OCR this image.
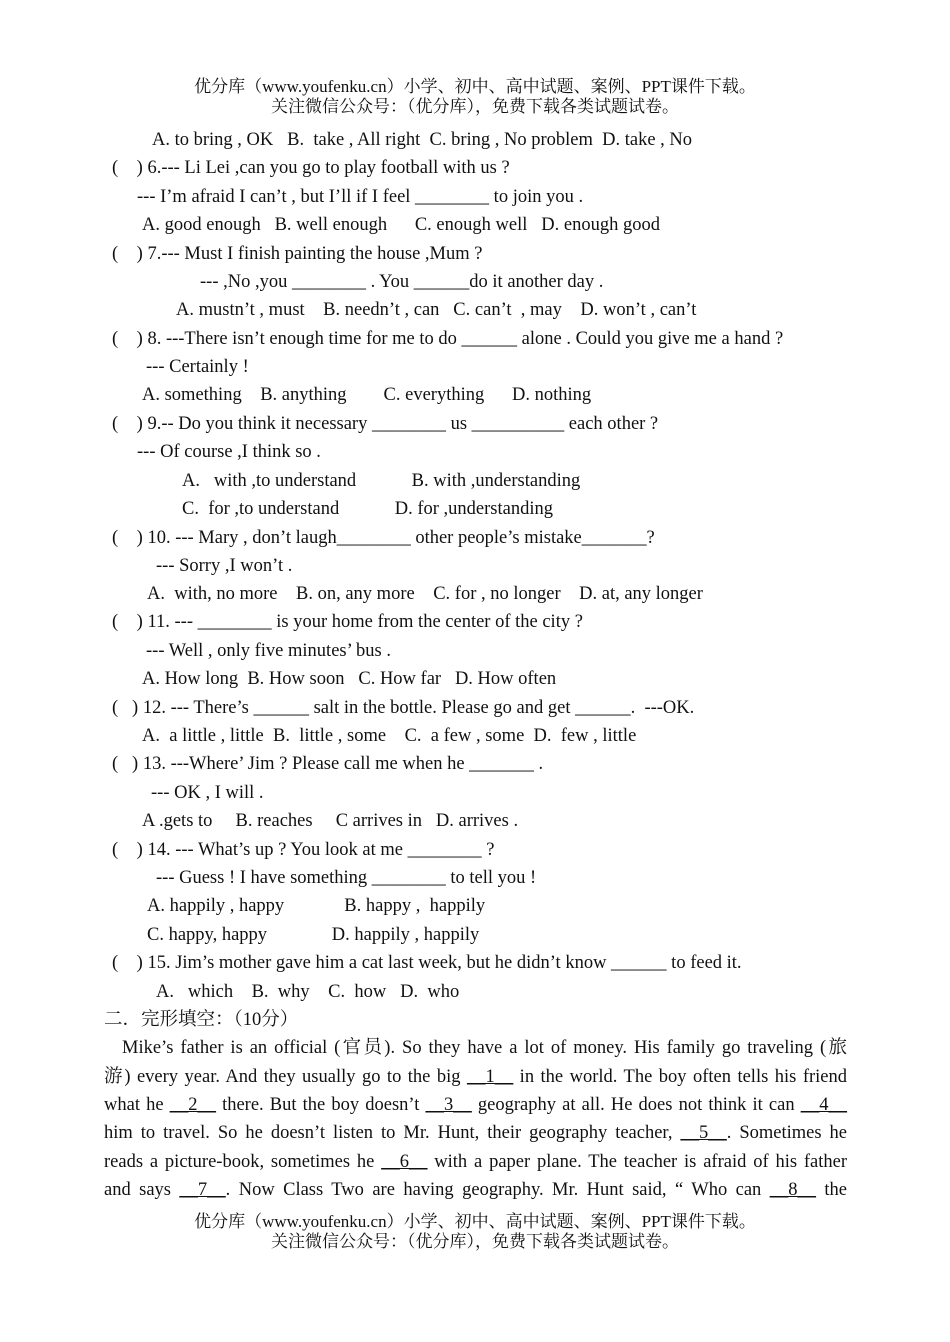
优分库（www.youfenku.cn）小学、初中、高中试题、案例、PPT课件下载。
关注微信公众号：（优分库），免费下载各类试题试卷。
A. to bring , OK   B.  take , All right  C. bring , No problem  D. take , No
(    ) 6.--- Li Lei ,can you go to play football with us ?
--- I’m afraid I can’t , but I’ll if I feel ________ to join you .
A. good enough   B. well enough      C. enough well   D. enough good
(    ) 7.--- Must I finish painting the house ,Mum ?
--- ,No ,you ________ . You ______do it another day .
A. mustn’t , must    B. needn’t , can   C. can’t  , may    D. won’t , can’t
(    ) 8. ---There isn’t enough time for me to do ______ alone . Could you give me a hand ?
--- Certainly !
A. something    B. anything        C. everything      D. nothing
(    ) 9.-- Do you think it necessary ________ us __________ each other ?
--- Of course ,I think so .
A.   with ,to understand            B. with ,understanding
C.  for ,to understand            D. for ,understanding
(    ) 10. --- Mary , don’t laugh________ other people’s mistake_______?
--- Sorry ,I won’t .
A.  with, no more    B. on, any more    C. for , no longer    D. at, any longer
(    ) 11. --- ________ is your home from the center of the city ?
--- Well , only five minutes’ bus .
A. How long  B. How soon   C. How far   D. How often
(   ) 12. --- There’s ______ salt in the bottle. Please go and get ______.  ---OK.
A.  a little , little  B.  little , some    C.  a few , some  D.  few , little
(   ) 13. ---Where’ Jim ? Please call me when he _______ .
--- OK , I will .
A .gets to     B. reaches     C arrives in   D. arrives .
(    ) 14. --- What’s up ? You look at me ________ ?
--- Guess ! I have something ________ to tell you !
A. happily , happy             B. happy ,  happily
C. happy, happy              D. happily , happily
(    ) 15. Jim’s mother gave him a cat last week, but he didn’t know ______ to feed it.
A.   which    B.  why    C.  how   D.  who
二．完形填空：（10分）
Mike’s father is an official (官员). So they have a lot of money. His family go traveling (旅
游) every year. And they usually go to the big __1__ in the world. The boy often tells his friend
what he __2__ there. But the boy doesn’t __3__ geography at all. He does not think it can __4__
him to travel. So he doesn’t listen to Mr. Hunt, their geography teacher, __5__. Sometimes he
reads a picture-book, sometimes he __6__ with a paper plane. The teacher is afraid of his father
and says __7__. Now Class Two are having geography. Mr. Hunt said, “ Who can __8__ the
优分库（www.youfenku.cn）小学、初中、高中试题、案例、PPT课件下载。
关注微信公众号：（优分库），免费下载各类试题试卷。
